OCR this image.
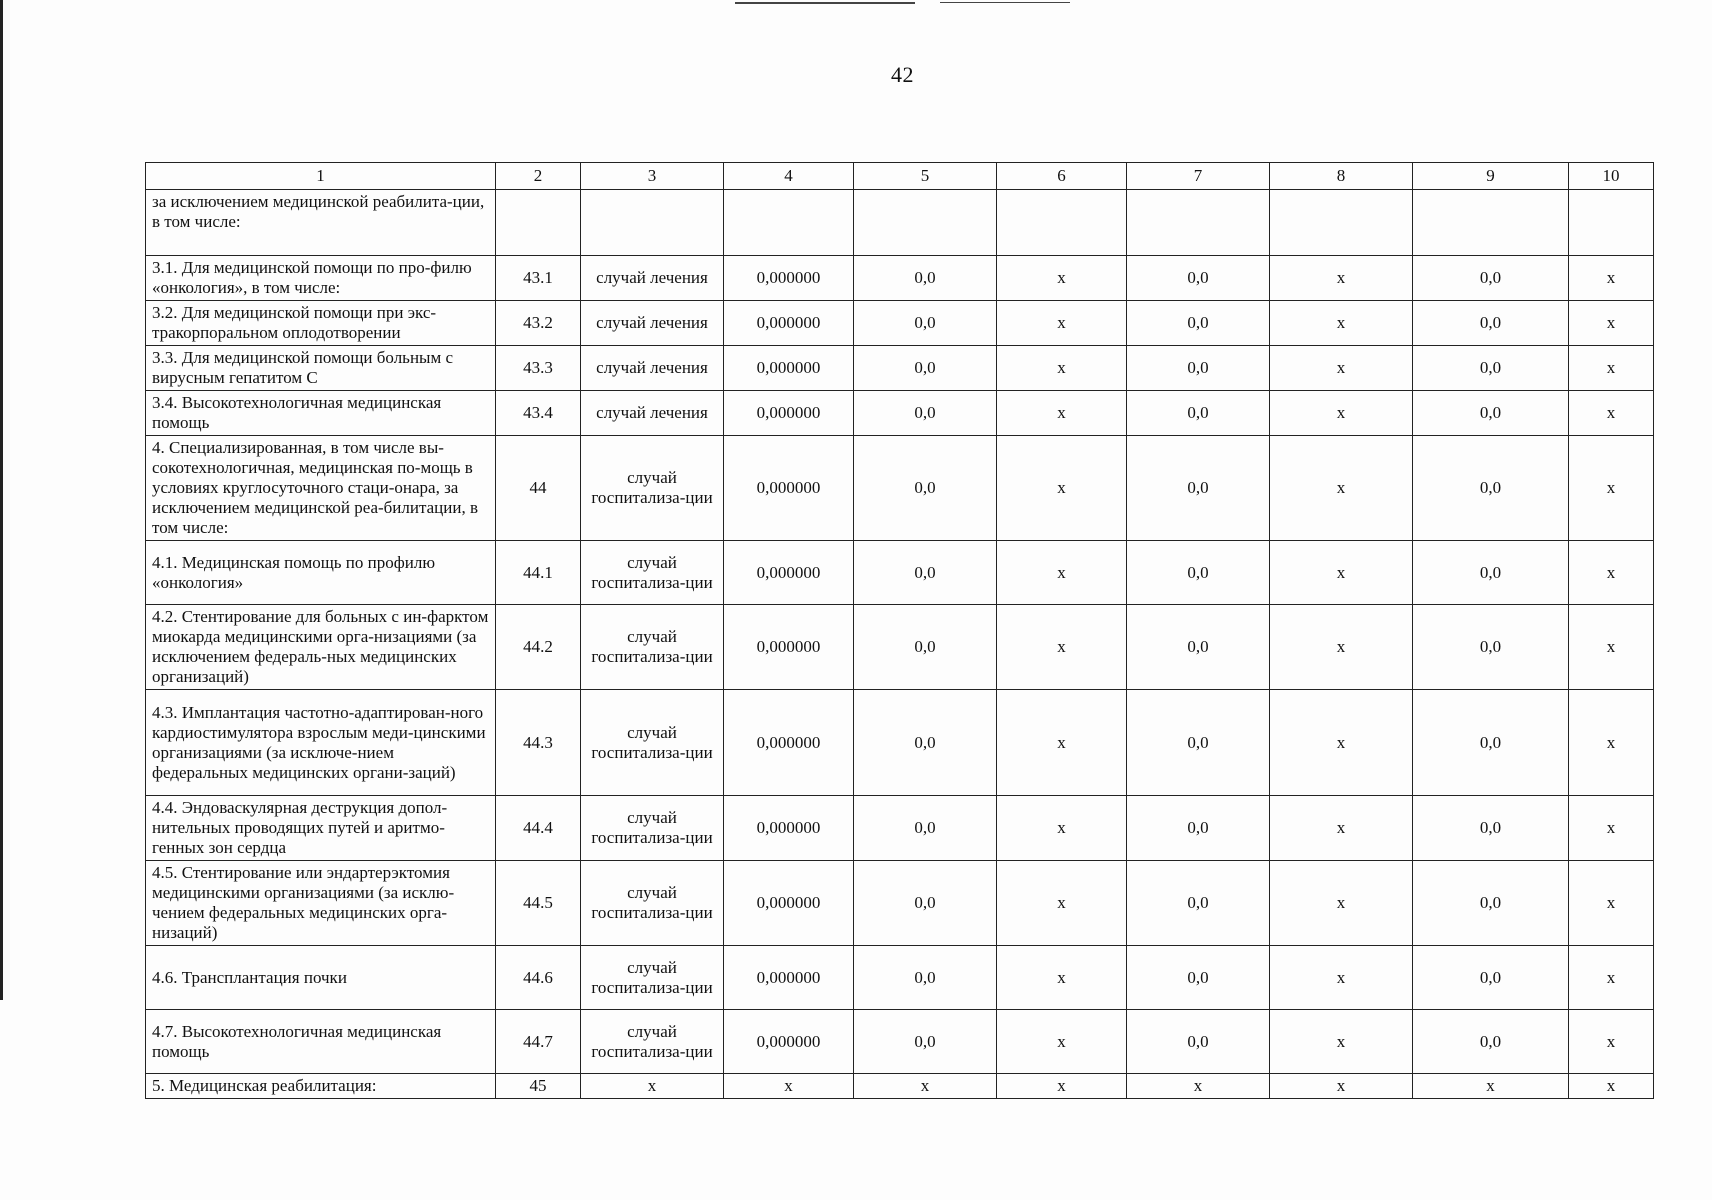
42
1	2	3	4	5	6	7	8	9	10
за исключением медицинской реабилита-ции, в том числе:									
3.1. Для медицинской помощи по про-филю «онкология», в том числе:	43.1	случай лечения	0,000000	0,0	х	0,0	х	0,0	х
3.2. Для медицинской помощи при экс-тракорпоральном оплодотворении	43.2	случай лечения	0,000000	0,0	х	0,0	х	0,0	х
3.3. Для медицинской помощи больным с вирусным гепатитом С	43.3	случай лечения	0,000000	0,0	х	0,0	х	0,0	х
3.4. Высокотехнологичная медицинская помощь	43.4	случай лечения	0,000000	0,0	х	0,0	х	0,0	х
4. Специализированная, в том числе вы-сокотехнологичная, медицинская по-мощь в условиях круглосуточного стаци-онара, за исключением медицинской реа-билитации, в том числе:	44	случай госпитализа-ции	0,000000	0,0	х	0,0	х	0,0	х
4.1. Медицинская помощь по профилю «онкология»	44.1	случай госпитализа-ции	0,000000	0,0	х	0,0	х	0,0	х
4.2. Стентирование для больных с ин-фарктом миокарда медицинскими орга-низациями (за исключением федераль-ных медицинских организаций)	44.2	случай госпитализа-ции	0,000000	0,0	х	0,0	х	0,0	х
4.3. Имплантация частотно-адаптирован-ного кардиостимулятора взрослым меди-цинскими организациями (за исключе-нием федеральных медицинских органи-заций)	44.3	случай госпитализа-ции	0,000000	0,0	х	0,0	х	0,0	х
4.4. Эндоваскулярная деструкция допол-нительных проводящих путей и аритмо-генных зон сердца	44.4	случай госпитализа-ции	0,000000	0,0	х	0,0	х	0,0	х
4.5. Стентирование или эндартерэктомия медицинскими организациями (за исклю-чением федеральных медицинских орга-низаций)	44.5	случай госпитализа-ции	0,000000	0,0	х	0,0	х	0,0	х
4.6. Трансплантация почки	44.6	случай госпитализа-ции	0,000000	0,0	х	0,0	х	0,0	х
4.7. Высокотехнологичная медицинская помощь	44.7	случай госпитализа-ции	0,000000	0,0	х	0,0	х	0,0	х
5. Медицинская реабилитация:	45	х	х	х	х	х	х	х	х
